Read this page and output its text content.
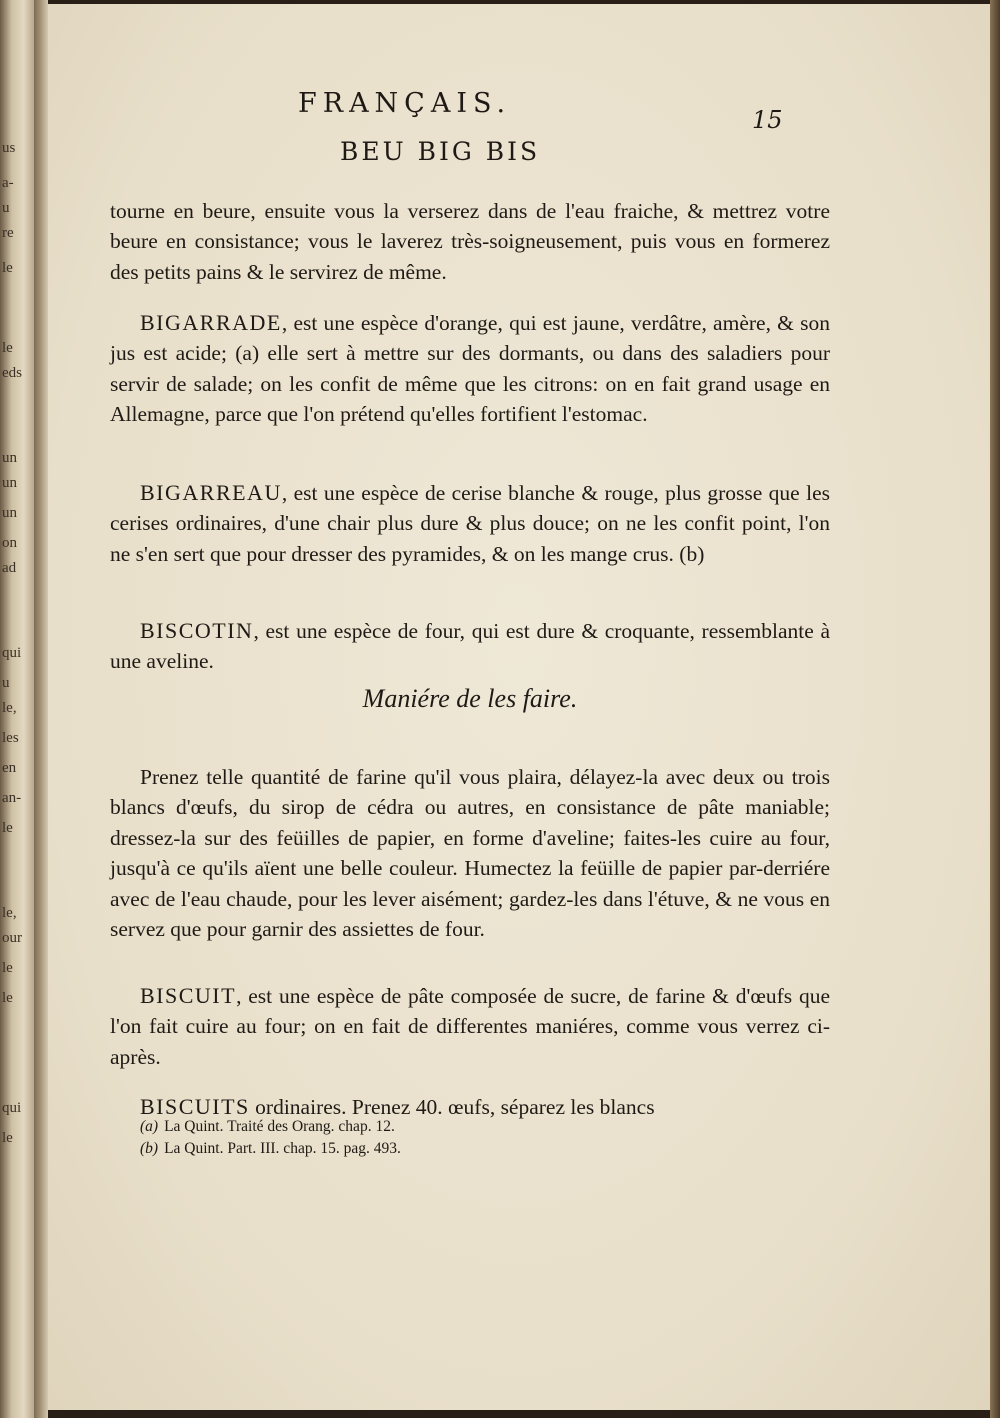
us
a-
u
re
le
le
eds
un
un
un
on
ad
qui
u
le,
les
en
an-
le
le,
our
le
le
qui
le
FRANÇAIS.
15
BEU BIG BIS

tourne en beure, ensuite vous la verserez dans de l'eau fraiche, & mettrez votre beure en consistance; vous le laverez très-soigneusement, puis vous en formerez des petits pains & le servirez de même.

BIGARRADE, est une espèce d'orange, qui est jaune, verdâtre, amère, & son jus est acide; (a) elle sert à mettre sur des dormants, ou dans des saladiers pour servir de salade; on les confit de même que les citrons: on en fait grand usage en Allemagne, parce que l'on prétend qu'elles fortifient l'estomac.

BIGARREAU, est une espèce de cerise blanche & rouge, plus grosse que les cerises ordinaires, d'une chair plus dure & plus douce; on ne les confit point, l'on ne s'en sert que pour dresser des pyramides, & on les mange crus. (b)

BISCOTIN, est une espèce de four, qui est dure & croquante, ressemblante à une aveline.

Maniére de les faire.

Prenez telle quantité de farine qu'il vous plaira, délayez-la avec deux ou trois blancs d'œufs, du sirop de cédra ou autres, en consistance de pâte maniable; dressez-la sur des feüilles de papier, en forme d'aveline; faites-les cuire au four, jusqu'à ce qu'ils aïent une belle couleur. Humectez la feüille de papier par-derriére avec de l'eau chaude, pour les lever aisément; gardez-les dans l'étuve, & ne vous en servez que pour garnir des assiettes de four.

BISCUIT, est une espèce de pâte composée de sucre, de farine & d'œufs que l'on fait cuire au four; on en fait de differentes maniéres, comme vous verrez ci-après.

BISCUITS ordinaires. Prenez 40. œufs, séparez les blancs

(a) La Quint. Traité des Orang. chap. 12.
(b) La Quint. Part. III. chap. 15. pag. 493.
